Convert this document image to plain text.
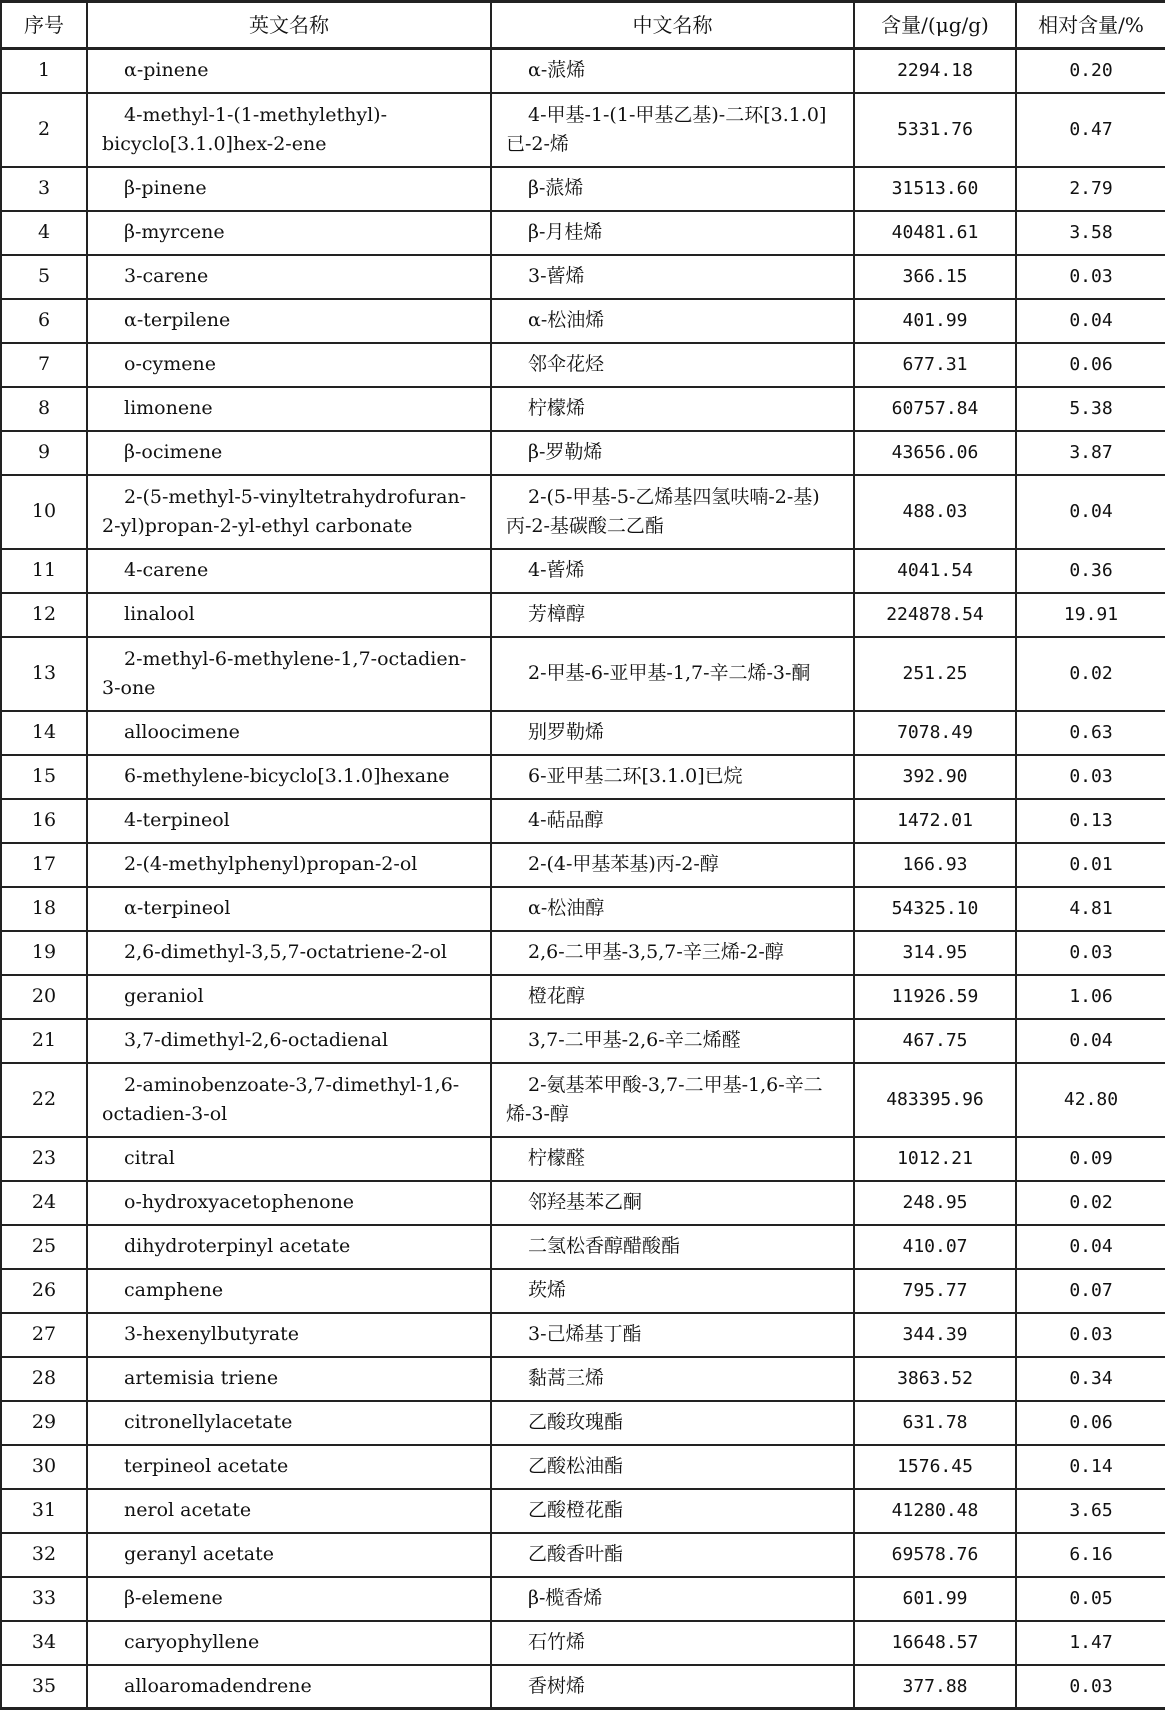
序号	英文名称	中文名称	含量/(μg/g)	相对含量/%
1	α-pinene	α-蒎烯	2294.18	0.20
2	4-methyl-1-(1-methylethyl)-bicyclo[3.1.0]hex-2-ene	4-甲基-1-(1-甲基乙基)-二环[3.1.0]已-2-烯	5331.76	0.47
3	β-pinene	β-蒎烯	31513.60	2.79
4	β-myrcene	β-月桂烯	40481.61	3.58
5	3-carene	3-蒈烯	366.15	0.03
6	α-terpilene	α-松油烯	401.99	0.04
7	o-cymene	邻伞花烃	677.31	0.06
8	limonene	柠檬烯	60757.84	5.38
9	β-ocimene	β-罗勒烯	43656.06	3.87
10	2-(5-methyl-5-vinyltetrahydrofuran-2-yl)propan-2-yl-ethyl carbonate	2-(5-甲基-5-乙烯基四氢呋喃-2-基)丙-2-基碳酸二乙酯	488.03	0.04
11	4-carene	4-蒈烯	4041.54	0.36
12	linalool	芳樟醇	224878.54	19.91
13	2-methyl-6-methylene-1,7-octadien-3-one	2-甲基-6-亚甲基-1,7-辛二烯-3-酮	251.25	0.02
14	alloocimene	别罗勒烯	7078.49	0.63
15	6-methylene-bicyclo[3.1.0]hexane	6-亚甲基二环[3.1.0]已烷	392.90	0.03
16	4-terpineol	4-萜品醇	1472.01	0.13
17	2-(4-methylphenyl)propan-2-ol	2-(4-甲基苯基)丙-2-醇	166.93	0.01
18	α-terpineol	α-松油醇	54325.10	4.81
19	2,6-dimethyl-3,5,7-octatriene-2-ol	2,6-二甲基-3,5,7-辛三烯-2-醇	314.95	0.03
20	geraniol	橙花醇	11926.59	1.06
21	3,7-dimethyl-2,6-octadienal	3,7-二甲基-2,6-辛二烯醛	467.75	0.04
22	2-aminobenzoate-3,7-dimethyl-1,6-octadien-3-ol	2-氨基苯甲酸-3,7-二甲基-1,6-辛二烯-3-醇	483395.96	42.80
23	citral	柠檬醛	1012.21	0.09
24	o-hydroxyacetophenone	邻羟基苯乙酮	248.95	0.02
25	dihydroterpinyl acetate	二氢松香醇醋酸酯	410.07	0.04
26	camphene	莰烯	795.77	0.07
27	3-hexenylbutyrate	3-己烯基丁酯	344.39	0.03
28	artemisia triene	黏蒿三烯	3863.52	0.34
29	citronellylacetate	乙酸玫瑰酯	631.78	0.06
30	terpineol acetate	乙酸松油酯	1576.45	0.14
31	nerol acetate	乙酸橙花酯	41280.48	3.65
32	geranyl acetate	乙酸香叶酯	69578.76	6.16
33	β-elemene	β-榄香烯	601.99	0.05
34	caryophyllene	石竹烯	16648.57	1.47
35	alloaromadendrene	香树烯	377.88	0.03
